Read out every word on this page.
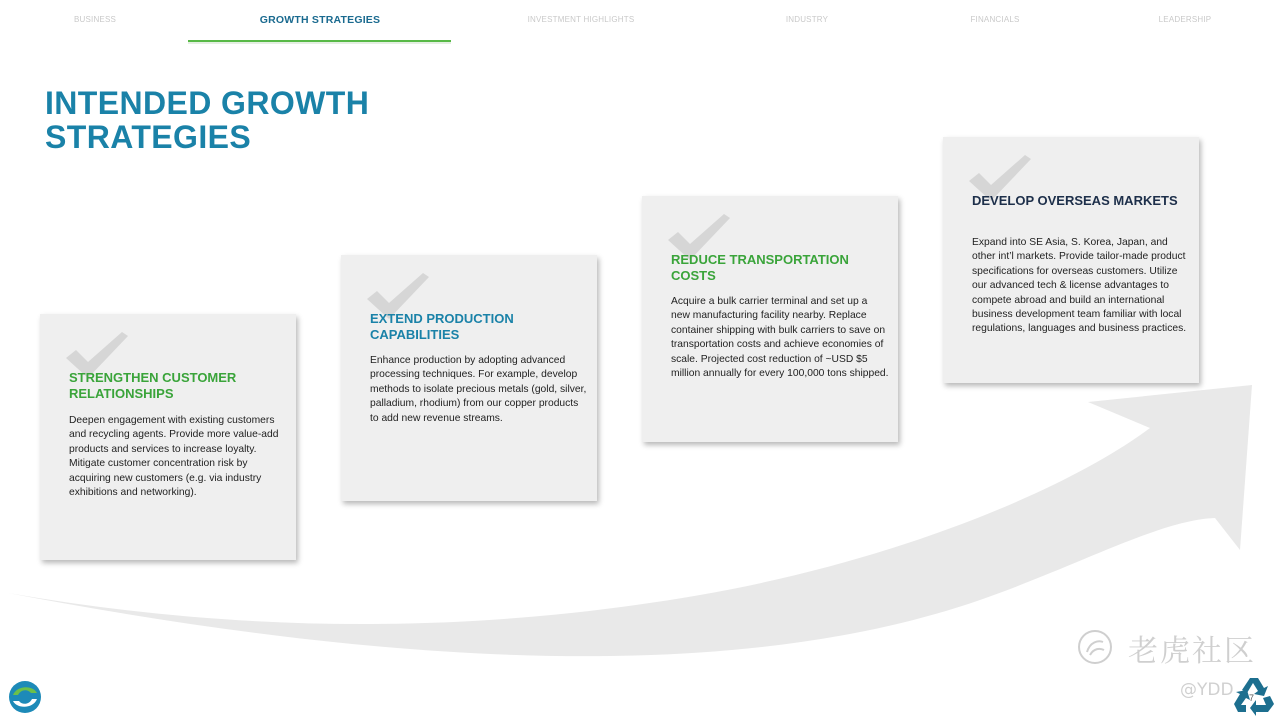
BUSINESS	GROWTH STRATEGIES	INVESTMENT HIGHLIGHTS	INDUSTRY	FINANCIALS	LEADERSHIP
INTENDED GROWTH STRATEGIES
STRENGTHEN CUSTOMER RELATIONSHIPS

Deepen engagement with existing customers and recycling agents. Provide more value-add products and services to increase loyalty. Mitigate customer concentration risk by acquiring new customers (e.g. via industry exhibitions and networking).

EXTEND PRODUCTION CAPABILITIES

Enhance production by adopting advanced processing techniques. For example, develop methods to isolate precious metals (gold, silver, palladium, rhodium) from our copper products to add new revenue streams.

REDUCE TRANSPORTATION COSTS

Acquire a bulk carrier terminal and set up a new manufacturing facility nearby. Replace container shipping with bulk carriers to save on transportation costs and achieve economies of scale. Projected cost reduction of ~USD $5 million annually for every 100,000 tons shipped.

DEVELOP OVERSEAS MARKETS

Expand into SE Asia, S. Korea, Japan, and other int’l markets. Provide tailor-made product specifications for overseas customers. Utilize our advanced tech & license advantages to compete abroad and build an international business development team familiar with local regulations, languages and business practices.

老虎社区
@YDD 7
